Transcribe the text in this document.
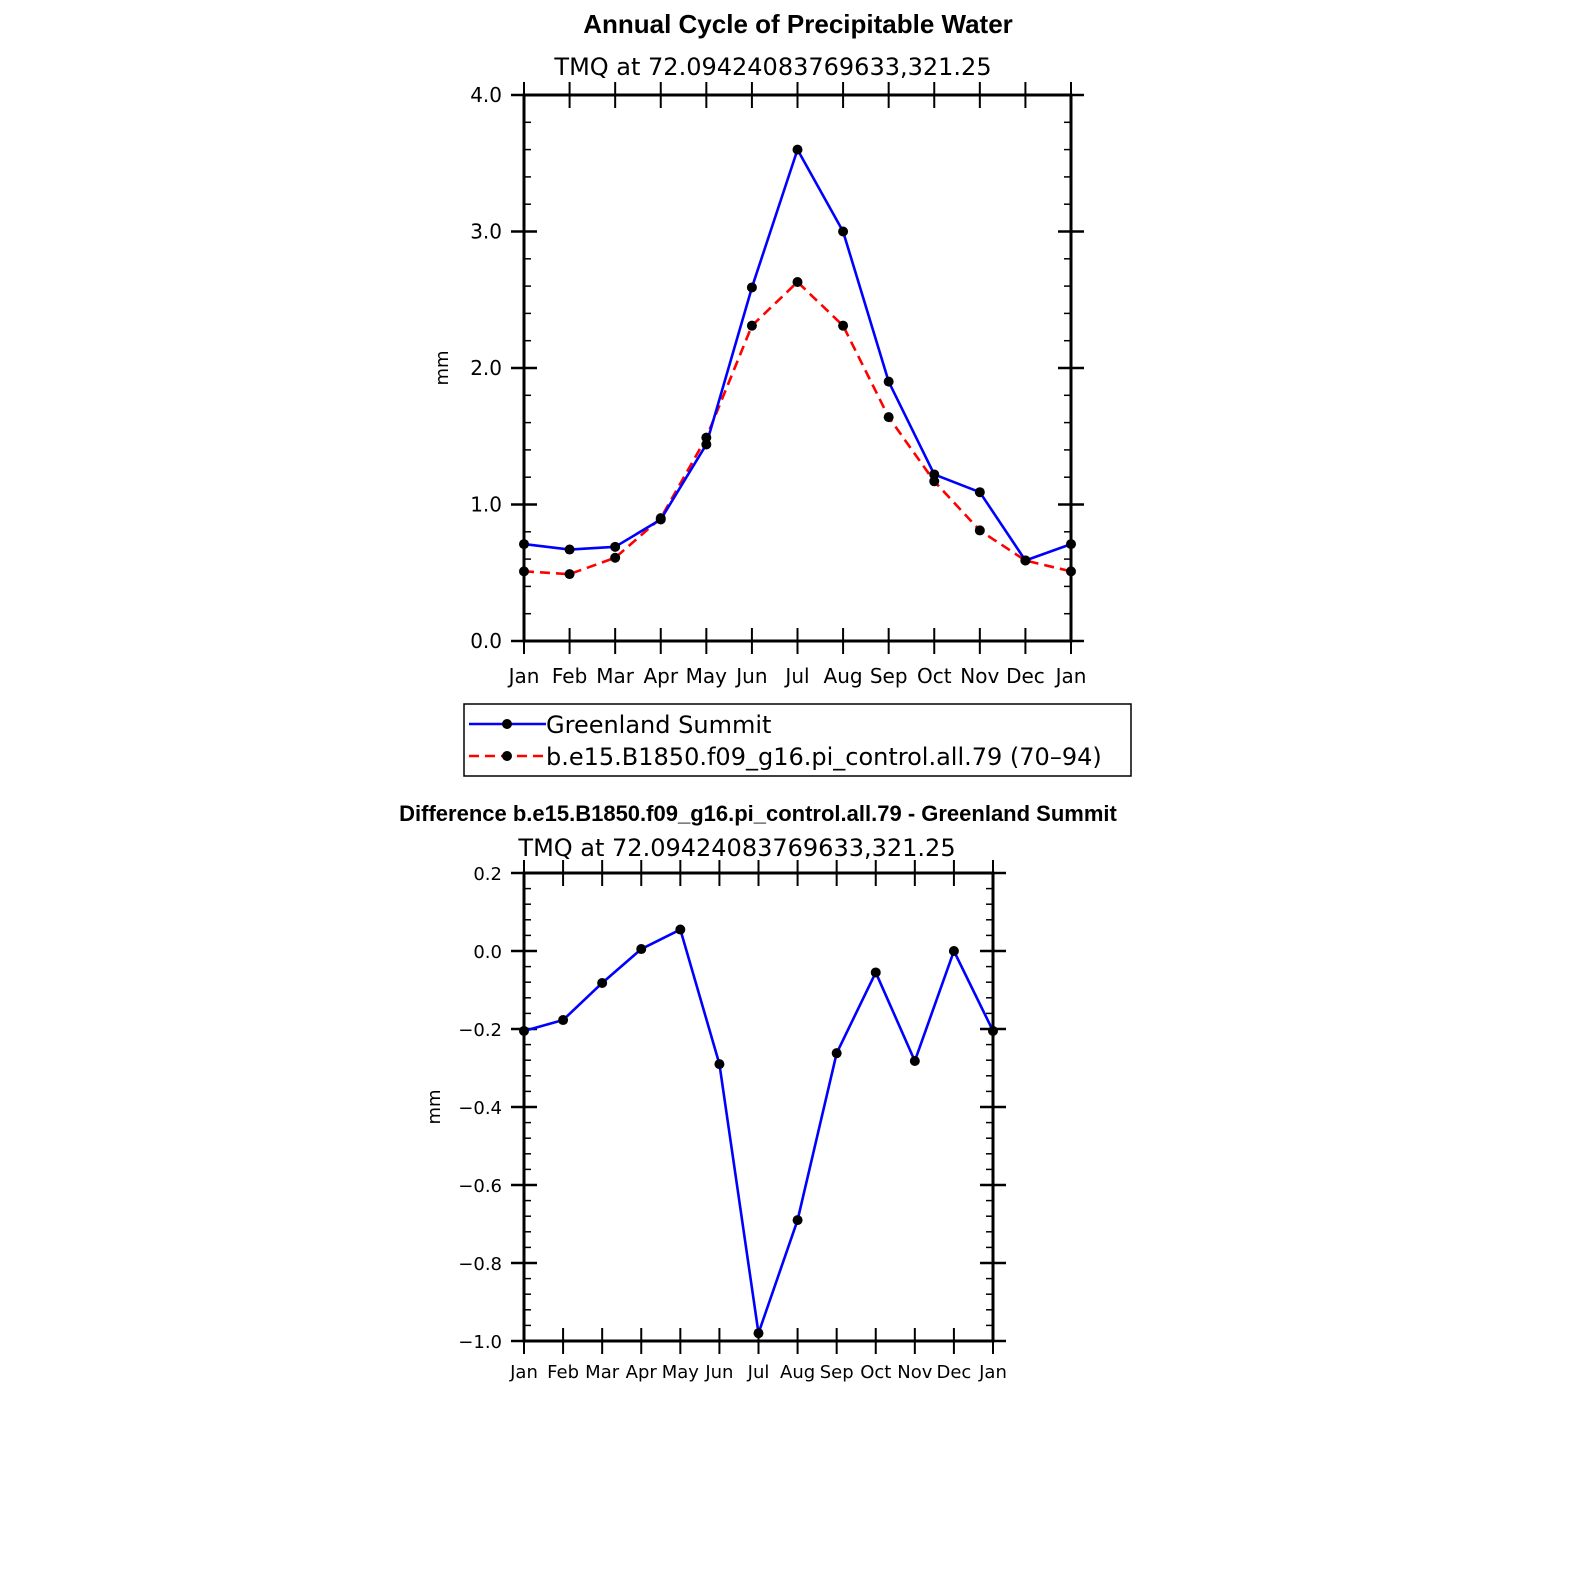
Annual Cycle of Precipitable Water
TMQ at 72.09424083769633,321.25
mm
0.0
1.0
2.0
3.0
4.0
Jan Feb Mar Apr May Jun Jul Aug Sep Oct Nov Dec Jan
Greenland Summit
b.e15.B1850.f09_g16.pi_control.all.79 (70–94)
Difference b.e15.B1850.f09_g16.pi_control.all.79 - Greenland Summit
TMQ at 72.09424083769633,321.25
mm
−1.0
−0.8
−0.6
−0.4
−0.2
0.0
0.2
Jan Feb Mar Apr May Jun Jul Aug Sep Oct Nov Dec Jan
